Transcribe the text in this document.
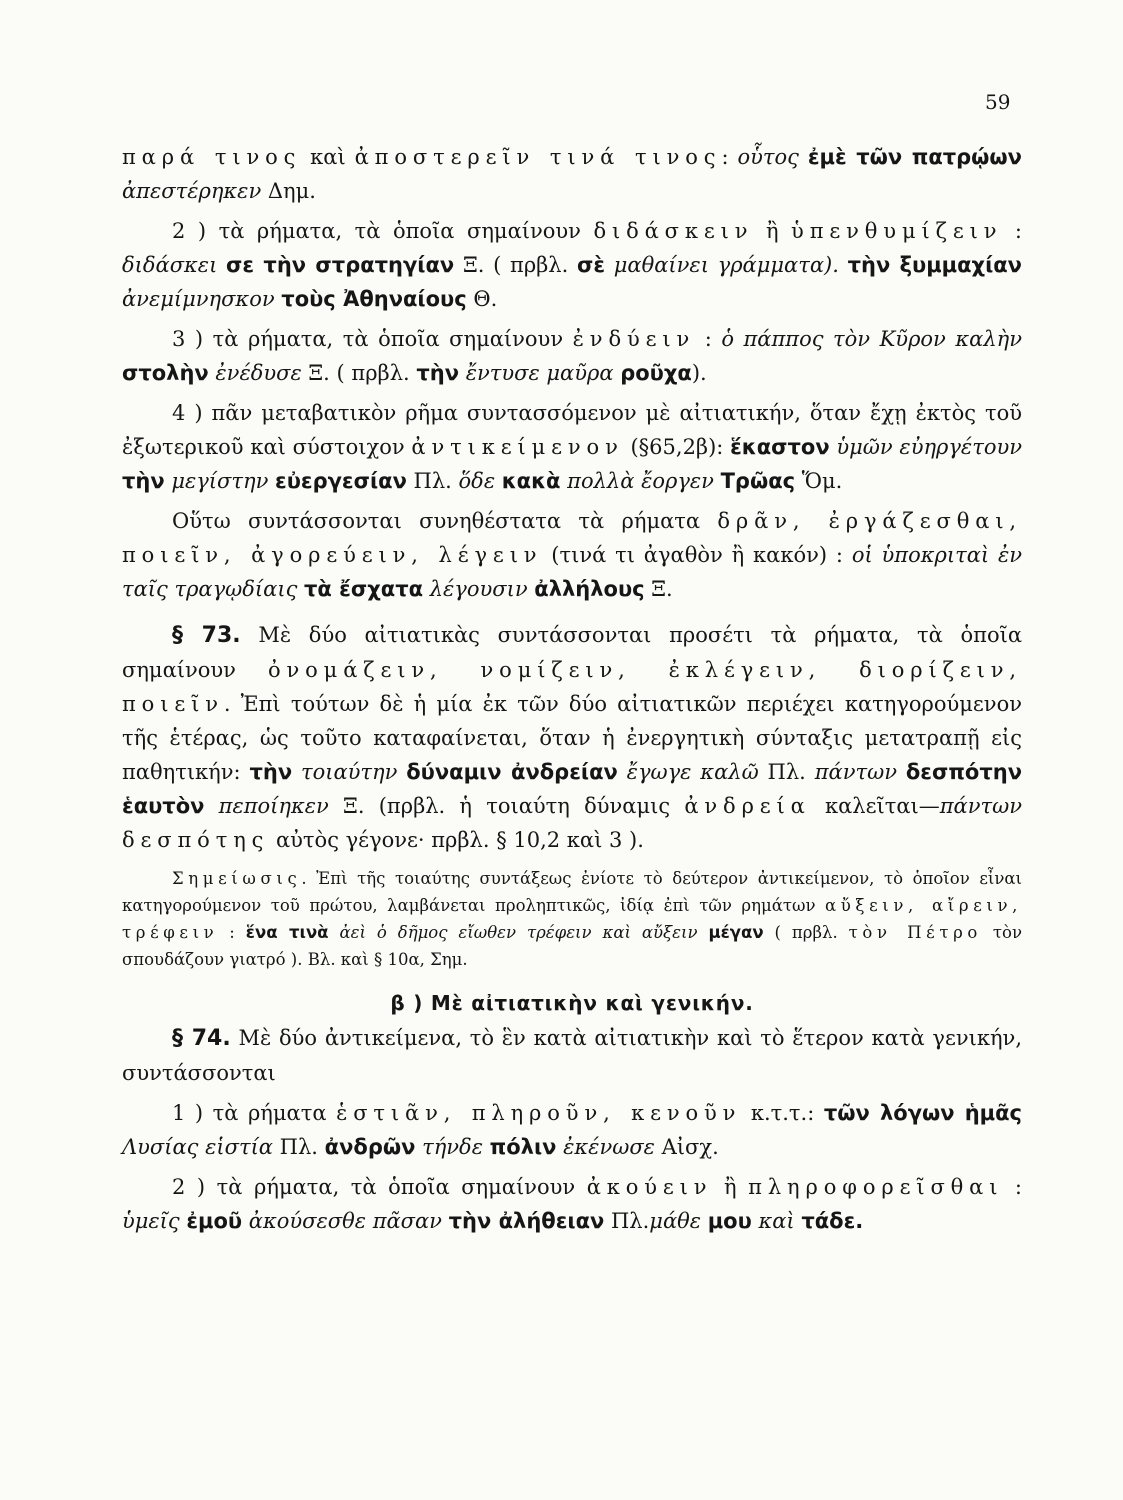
59

παρά τινος καὶ ἀποστερεῖν τινά τινος: οὗτος ἐμὲ τῶν πατρῴων ἀπεστέρηκεν Δημ.

2 ) τὰ ρήματα, τὰ ὁποῖα σημαίνουν διδάσκειν ἢ ὑπενθυμίζειν : διδάσκει σε τὴν στρατηγίαν Ξ. ( πρβλ. σὲ μαθαίνει γράμματα). τὴν ξυμμαχίαν ἀνεμίμνησκον τοὺς Ἀθηναίους Θ.

3 ) τὰ ρήματα, τὰ ὁποῖα σημαίνουν ἐνδύειν : ὁ πάππος τὸν Κῦρον καλὴν στολὴν ἐνέδυσε Ξ. ( πρβλ. τὴν ἔντυσε μαῦρα ροῦχα).

4 ) πᾶν μεταβατικὸν ρῆμα συντασσόμενον μὲ αἰτιατικήν, ὅταν ἔχῃ ἐκτὸς τοῦ ἐξωτερικοῦ καὶ σύστοιχον ἀντικείμενον (§65,2β): ἕκαστον ὑμῶν εὐηργέτουν τὴν μεγίστην εὐεργεσίαν Πλ. ὅδε κακὰ πολλὰ ἔοργεν Τρῶας Ὅμ.

Οὕτω συντάσσονται συνηθέστατα τὰ ρήματα δρᾶν, ἐργάζεσθαι, ποιεῖν, ἀγορεύειν, λέγειν (τινά τι ἀγαθὸν ἢ κακόν) : οἱ ὑποκριταὶ ἐν ταῖς τραγῳδίαις τὰ ἔσχατα λέγουσιν ἀλλήλους Ξ.

§ 73. Μὲ δύο αἰτιατικὰς συντάσσονται προσέτι τὰ ρήματα, τὰ ὁποῖα σημαίνουν ὀνομάζειν, νομίζειν, ἐκλέγειν, διορίζειν, ποιεῖν. Ἐπὶ τούτων δὲ ἡ μία ἐκ τῶν δύο αἰτιατικῶν περιέχει κατηγορούμενον τῆς ἑτέρας, ὡς τοῦτο καταφαίνεται, ὅταν ἡ ἐνεργητικὴ σύνταξις μετατραπῇ εἰς παθητικήν: τὴν τοιαύτην δύναμιν ἀνδρείαν ἔγωγε καλῶ Πλ. πάντων δεσπότην ἑαυτὸν πεποίηκεν Ξ. (πρβλ. ἡ τοιαύτη δύναμις ἀνδρεία καλεῖται—πάντων δεσπότης αὐτὸς γέγονε· πρβλ. § 10,2 καὶ 3 ).

Σημείωσις. Ἐπὶ τῆς τοιαύτης συντάξεως ἐνίοτε τὸ δεύτερον ἀντικείμενον, τὸ ὁποῖον εἶναι κατηγορούμενον τοῦ πρώτου, λαμβάνεται προληπτικῶς, ἰδίᾳ ἐπὶ τῶν ρημάτων αὔξειν, αἴρειν, τρέφειν : ἕνα τινὰ ἀεὶ ὁ δῆμος εἴωθεν τρέφειν καὶ αὔξειν μέγαν ( πρβλ. τὸν Πέτρο τὸν σπουδάζουν γιατρό ). Βλ. καὶ § 10α, Σημ.

β ) Μὲ αἰτιατικὴν καὶ γενικήν.

§ 74. Μὲ δύο ἀντικείμενα, τὸ ἓν κατὰ αἰτιατικὴν καὶ τὸ ἕτερον κατὰ γενικήν, συντάσσονται

1 ) τὰ ρήματα ἑστιᾶν, πληροῦν, κενοῦν κ.τ.τ.: τῶν λόγων ἡμᾶς Λυσίας εἱστία Πλ. ἀνδρῶν τήνδε πόλιν ἐκένωσε Αἰσχ.

2 ) τὰ ρήματα, τὰ ὁποῖα σημαίνουν ἀκούειν ἢ πληροφορεῖσθαι : ὑμεῖς ἐμοῦ ἀκούσεσθε πᾶσαν τὴν ἀλήθειαν Πλ.μάθε μου καὶ τάδε.
